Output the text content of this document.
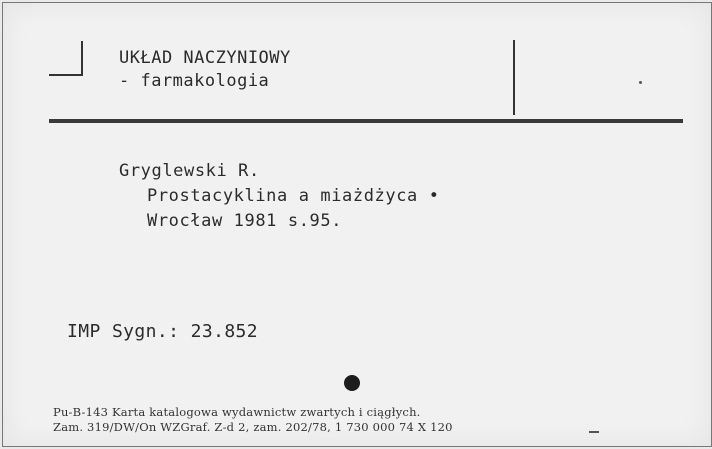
UKŁAD NACZYNIOWY
- farmakologia
Gryglewski R.
Prostacyklina a miażdżyca •
Wrocław 1981 s.95.
IMP Sygn.: 23.852
Pu-B-143 Karta katalogowa wydawnictw zwartych i ciągłych.
Zam. 319/DW/On WZGraf. Z-d 2, zam. 202/78, 1 730 000 74 X 120
